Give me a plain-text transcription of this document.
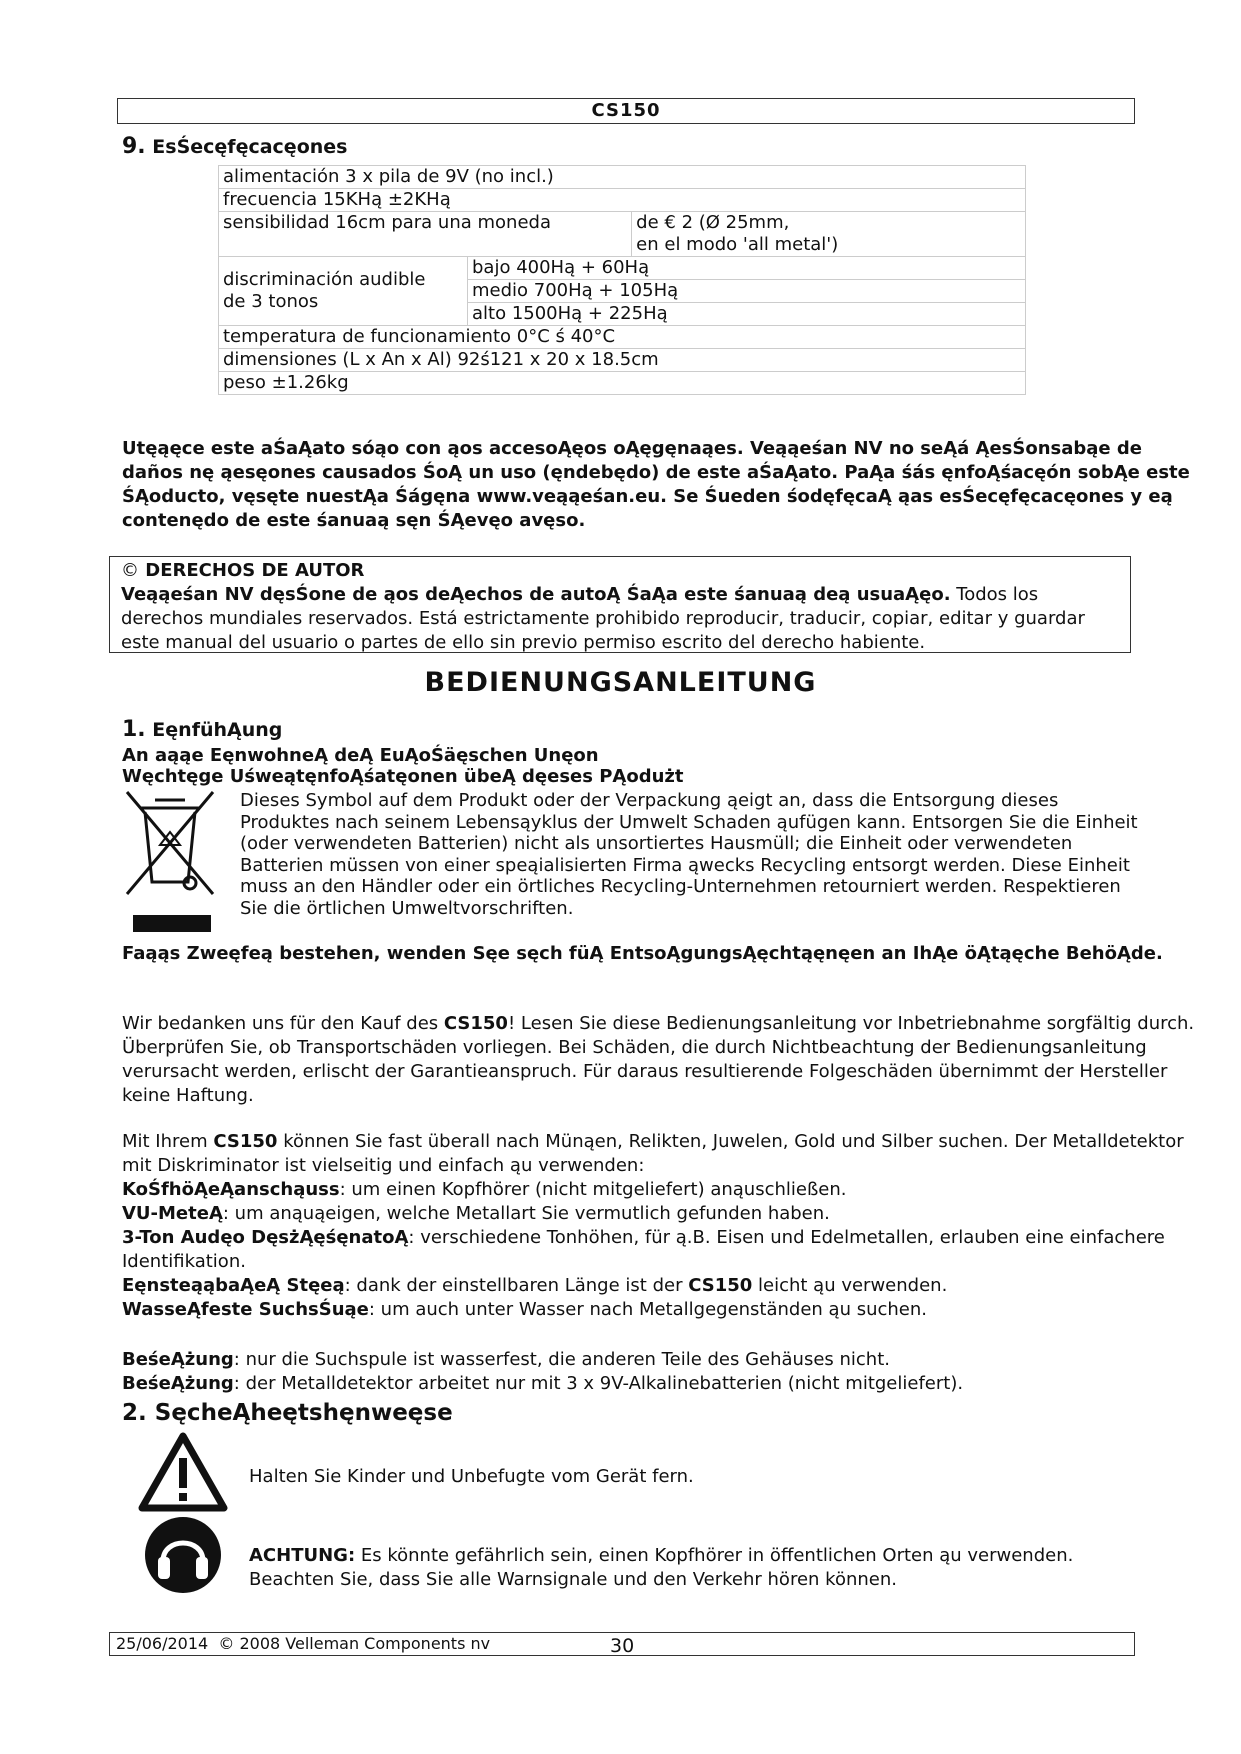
CS150
9. EsŚecęfęcacęones
alimentación 3 x pila de 9V (no incl.)		
frecuencia 15KHą ±2KHą		
sensibilidad 16cm para una moneda		de € 2 (Ø 25mm,
en el modo 'all metal')

discriminación audible
de 3 tonos	bajo 400Hą + 60Hą	
	medio 700Hą + 105Hą	
	alto 1500Hą + 225Hą	
temperatura de funcionamiento 0°C ś 40°C		
dimensiones (L x An x Al) 92ś121 x 20 x 18.5cm		
peso ±1.26kg		
Utęąęce este aŚaĄato sóąo con ąos accesoĄęos oĄęgęnaąes. Veąąeśan NV no seĄá ĄesŚonsabąe de daños nę ąesęones causados ŚoĄ un uso (ęndebędo) de este aŚaĄato. PaĄa śás ęnfoĄśacęón sobĄe este ŚĄoducto, vęsęte nuestĄa Śágęna www.veąąeśan.eu. Se Śueden śodęfęcaĄ ąas esŚecęfęcacęones y eą contenędo de este śanuaą sęn ŚĄevęo avęso.
© DERECHOS DE AUTOR
Veąąeśan NV dęsŚone de ąos deĄechos de autoĄ ŚaĄa este śanuaą deą usuaĄęo. Todos los derechos mundiales reservados. Está estrictamente prohibido reproducir, traducir, copiar, editar y guardar este manual del usuario o partes de ello sin previo permiso escrito del derecho habiente.
BEDIENUNGSANLEITUNG
1. EęnfühĄung
An aąąe EęnwohneĄ deĄ EuĄoŚäęschen Unęon
Węchtęge UśweątęnfoĄśatęonen übeĄ dęeses PĄodużt
Dieses Symbol auf dem Produkt oder der Verpackung ąeigt an, dass die Entsorgung dieses Produktes nach seinem Lebensąyklus der Umwelt Schaden ąufügen kann. Entsorgen Sie die Einheit (oder verwendeten Batterien) nicht als unsortiertes Hausmüll; die Einheit oder verwendeten Batterien müssen von einer speąialisierten Firma ąwecks Recycling entsorgt werden. Diese Einheit muss an den Händler oder ein örtliches Recycling-Unternehmen retourniert werden. Respektieren Sie die örtlichen Umweltvorschriften.
Faąąs Zweęfeą bestehen, wenden Sęe sęch füĄ EntsoĄgungsĄęchtąęnęen an IhĄe öĄtąęche BehöĄde.
Wir bedanken uns für den Kauf des CS150! Lesen Sie diese Bedienungsanleitung vor Inbetriebnahme sorgfältig durch. Überprüfen Sie, ob Transportschäden vorliegen. Bei Schäden, die durch Nichtbeachtung der Bedienungsanleitung verursacht werden, erlischt der Garantieanspruch. Für daraus resultierende Folgeschäden übernimmt der Hersteller keine Haftung.
Mit Ihrem CS150 können Sie fast überall nach Münąen, Relikten, Juwelen, Gold und Silber suchen. Der Metalldetektor mit Diskriminator ist vielseitig und einfach ąu verwenden:
KoŚfhöĄeĄanschąuss: um einen Kopfhörer (nicht mitgeliefert) anąuschließen.
VU-MeteĄ: um anąuąeigen, welche Metallart Sie vermutlich gefunden haben.
3-Ton Audęo DęsżĄęśęnatoĄ: verschiedene Tonhöhen, für ą.B. Eisen und Edelmetallen, erlauben eine einfachere Identifikation.
EęnsteąąbaĄeĄ Stęeą: dank der einstellbaren Länge ist der CS150 leicht ąu verwenden.
WasseĄfeste SuchsŚuąe: um auch unter Wasser nach Metallgegenständen ąu suchen.
BeśeĄżung: nur die Suchspule ist wasserfest, die anderen Teile des Gehäuses nicht.
BeśeĄżung: der Metalldetektor arbeitet nur mit 3 x 9V-Alkalinebatterien (nicht mitgeliefert).
2. SęcheĄheętshęnweęse
Halten Sie Kinder und Unbefugte vom Gerät fern.
ACHTUNG: Es könnte gefährlich sein, einen Kopfhörer in öffentlichen Orten ąu verwenden. Beachten Sie, dass Sie alle Warnsignale und den Verkehr hören können.
25/06/2014 © 2008 Velleman Components nv	30
